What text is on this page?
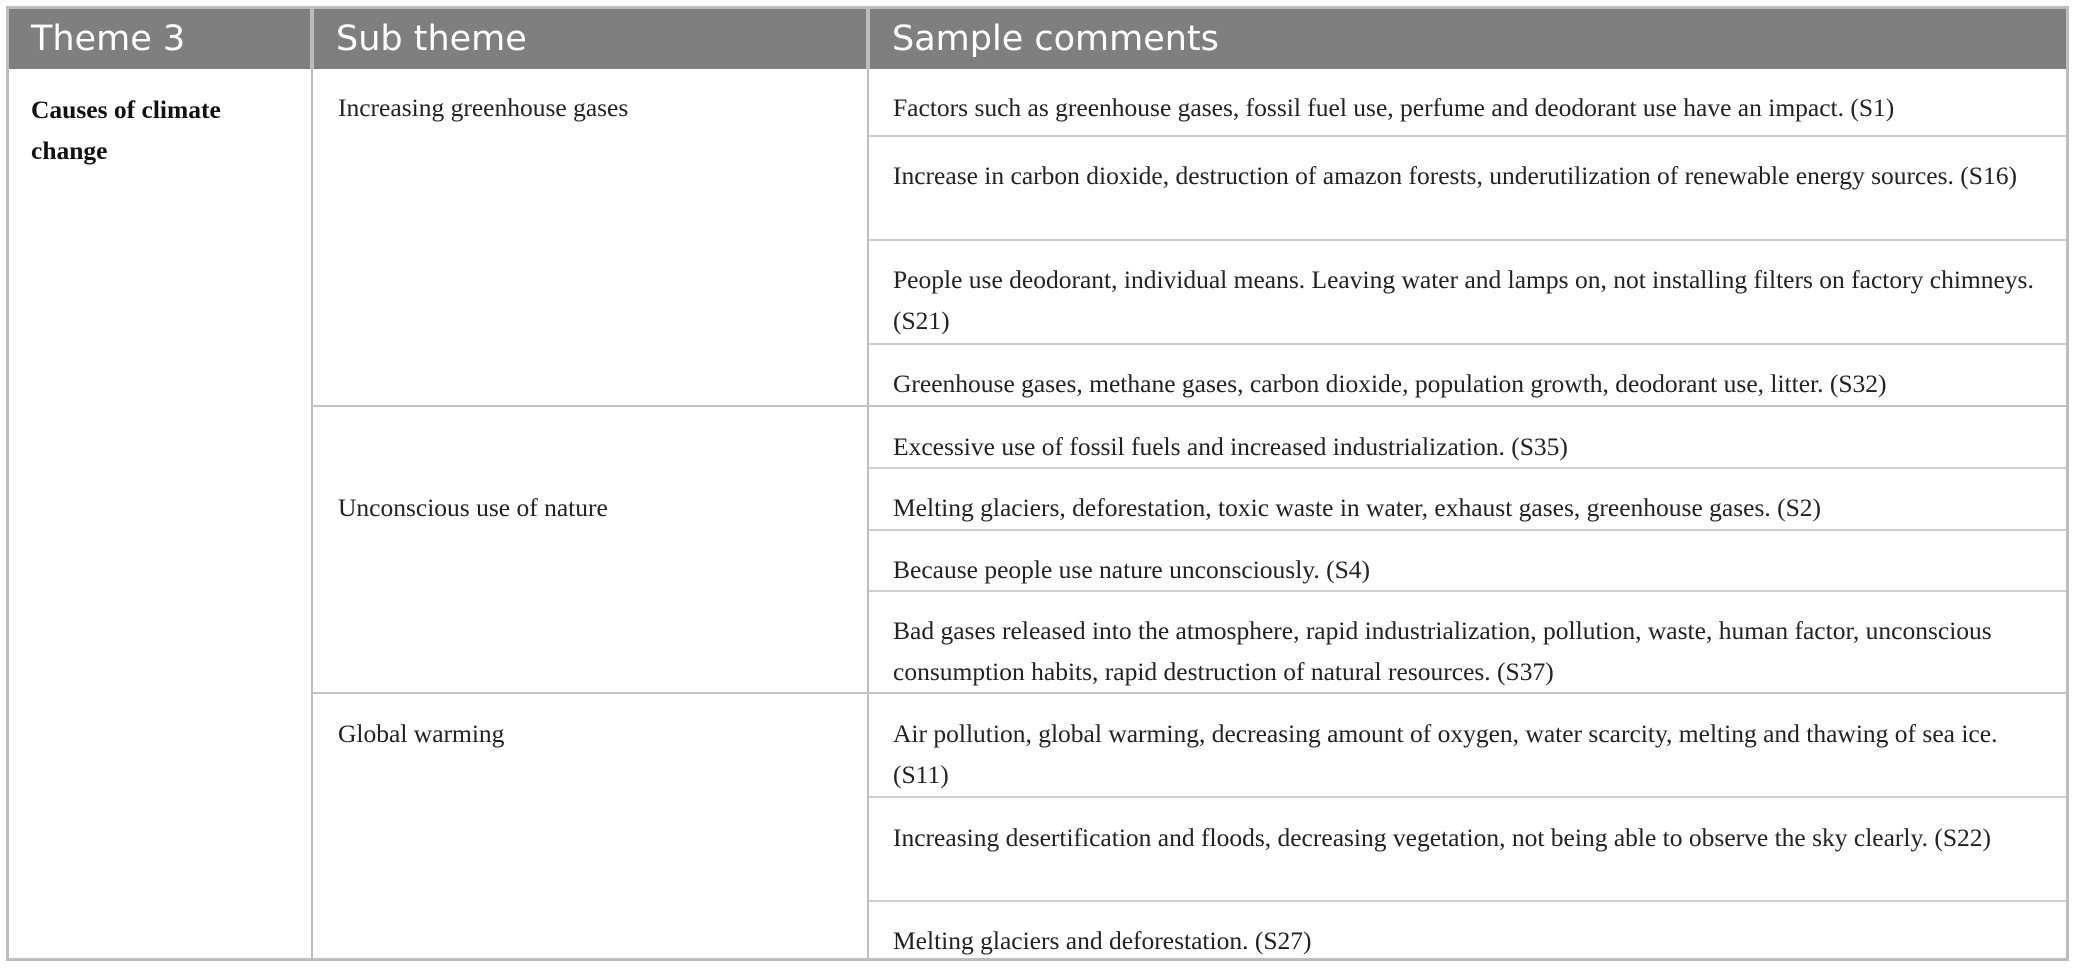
Theme 3	Sub theme	Sample comments
Causes of climate change
Increasing greenhouse gases
Unconscious use of nature
Global warming
Factors such as greenhouse gases, fossil fuel use, perfume and deodorant use have an impact. (S1)
Increase in carbon dioxide, destruction of amazon forests, underutilization of renewable energy sources. (S16)
People use deodorant, individual means. Leaving water and lamps on, not installing filters on factory chimneys. (S21)
Greenhouse gases, methane gases, carbon dioxide, population growth, deodorant use, litter. (S32)
Excessive use of fossil fuels and increased industrialization. (S35)
Melting glaciers, deforestation, toxic waste in water, exhaust gases, greenhouse gases. (S2)
Because people use nature unconsciously. (S4)
Bad gases released into the atmosphere, rapid industrialization, pollution, waste, human factor, unconscious consumption habits, rapid destruction of natural resources. (S37)
Air pollution, global warming, decreasing amount of oxygen, water scarcity, melting and thawing of sea ice. (S11)
Increasing desertification and floods, decreasing vegetation, not being able to observe the sky clearly. (S22)
Melting glaciers and deforestation. (S27)
